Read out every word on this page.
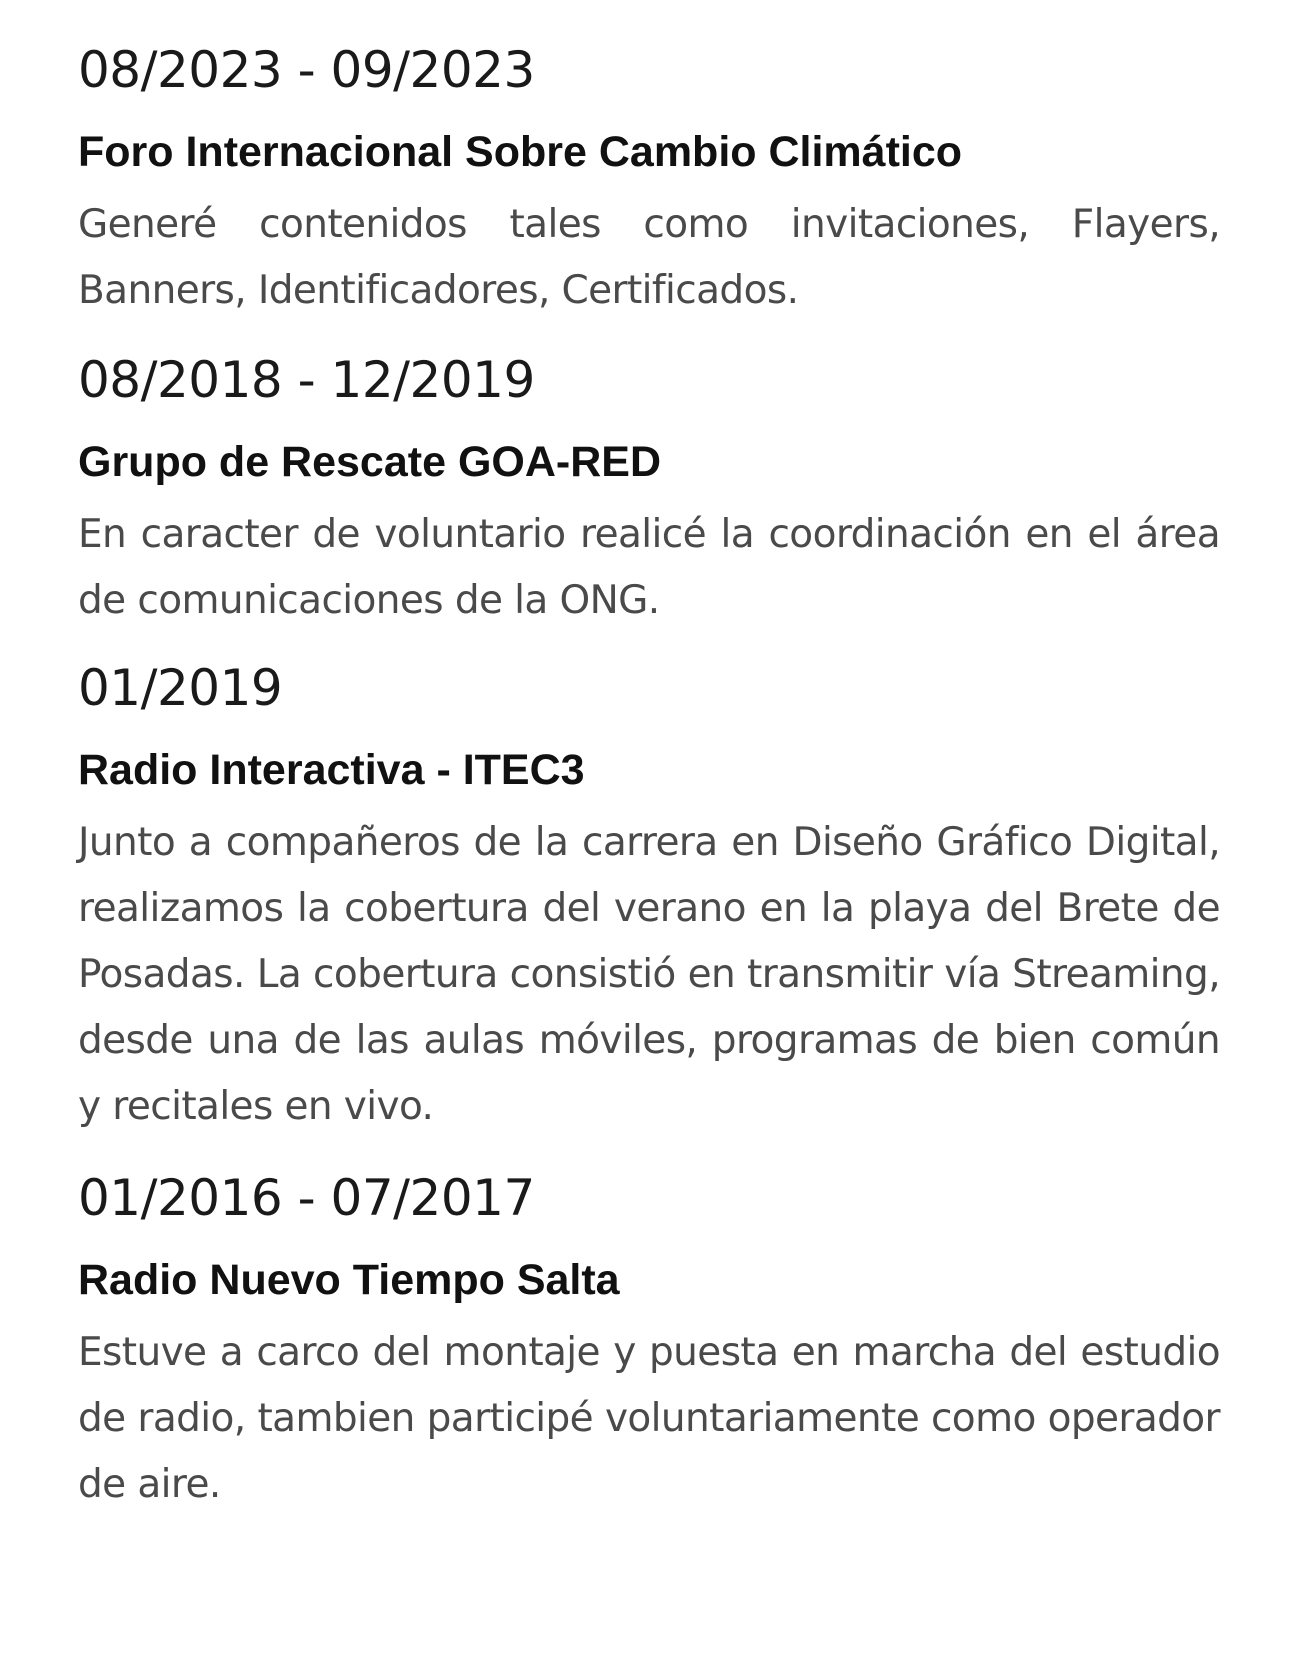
08/2023 - 09/2023
Foro Internacional Sobre Cambio Climático
Generé contenidos tales como invitaciones, Flayers, Banners, Identificadores, Certificados.
08/2018 - 12/2019
Grupo de Rescate GOA-RED
En caracter de voluntario realicé la coordinación en el área de comunicaciones de la ONG.
01/2019
Radio Interactiva - ITEC3
Junto a compañeros de la carrera en Diseño Gráfico Digital, realizamos la cobertura del verano en la playa del Brete de Posadas. La cobertura consistió en transmitir vía Streaming, desde una de las aulas móviles, programas de bien común y recitales en vivo.
01/2016 - 07/2017
Radio Nuevo Tiempo Salta
Estuve a carco del montaje y puesta en marcha del estudio de radio, tambien participé voluntariamente como operador de aire.
